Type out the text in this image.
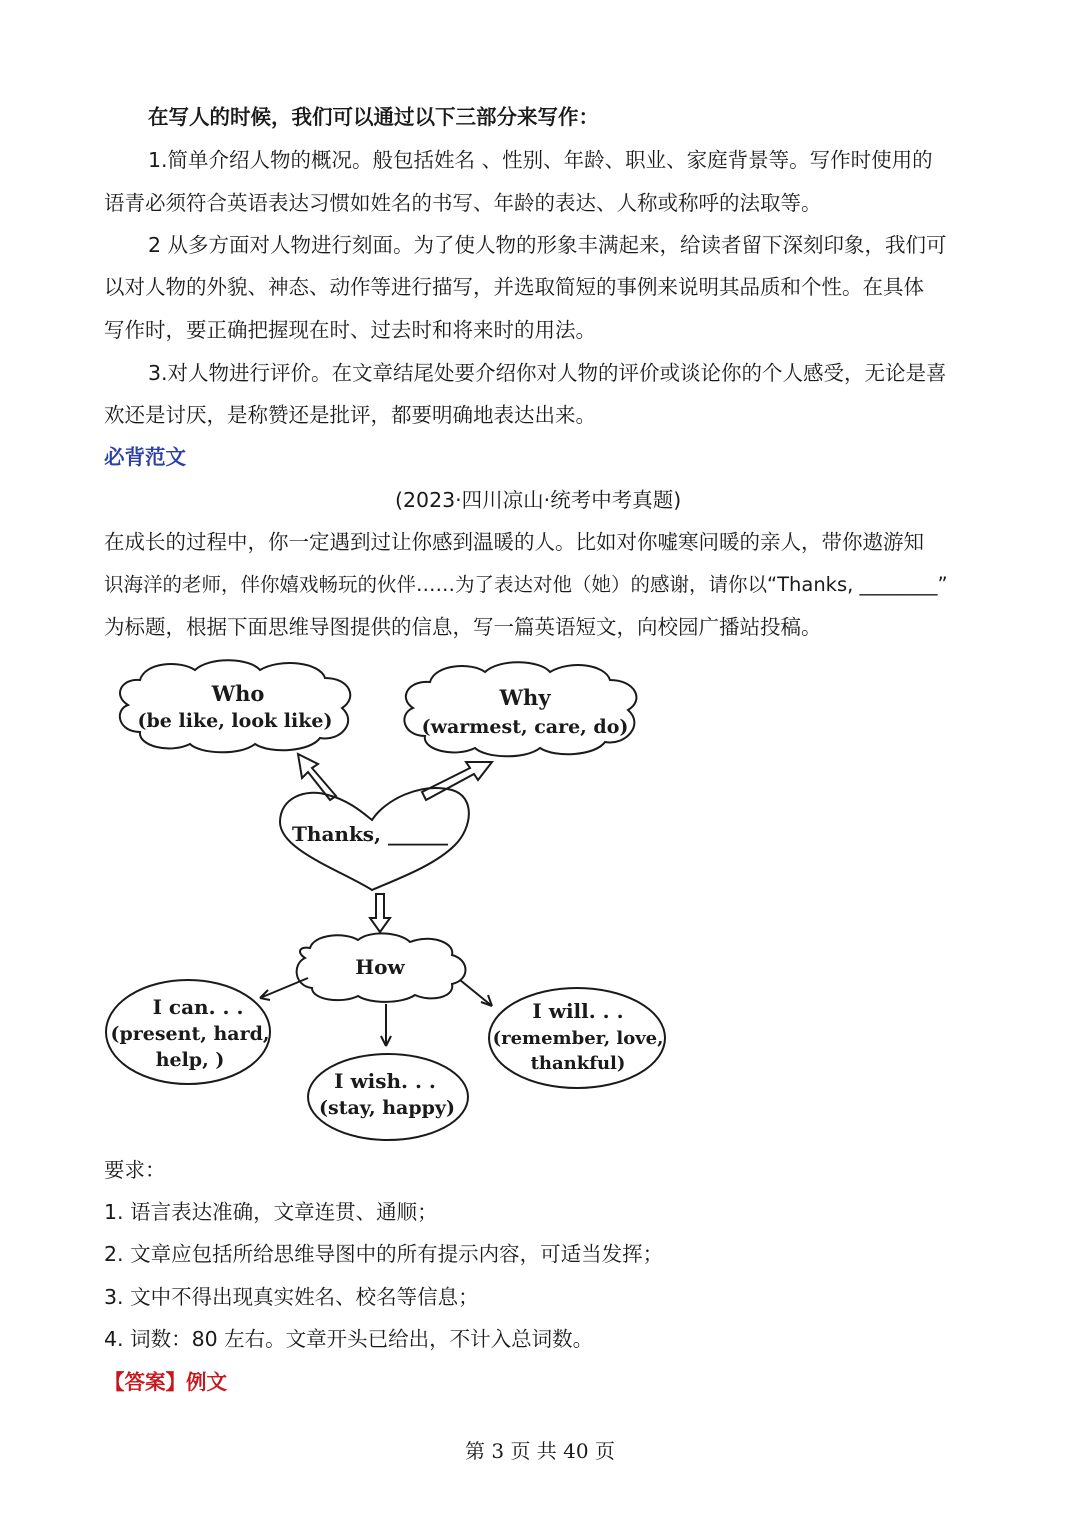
在写人的时候，我们可以通过以下三部分来写作：
1.简单介绍人物的概况。般包括姓名 、性别、年龄、职业、家庭背景等。写作时使用的
语青必须符合英语表达习惯如姓名的书写、年龄的表达、人称或称呼的法取等。
2 从多方面对人物进行刻面。为了使人物的形象丰满起来，给读者留下深刻印象，我们可
以对人物的外貌、神态、动作等进行描写，并选取简短的事例来说明其品质和个性。在具体
写作时，要正确把握现在时、过去时和将来时的用法。
3.对人物进行评价。在文章结尾处要介绍你对人物的评价或谈论你的个人感受，无论是喜
欢还是讨厌，是称赞还是批评，都要明确地表达出来。
必背范文
(2023·四川凉山·统考中考真题)
在成长的过程中，你一定遇到过让你感到温暖的人。比如对你嘘寒问暖的亲人，带你遨游知
识海洋的老师，伴你嬉戏畅玩的伙伴……为了表达对他（她）的感谢，请你以“Thanks, ________”
为标题，根据下面思维导图提供的信息，写一篇英语短文，向校园广播站投稿。
Who
(be like, look like)
Why
(warmest, care, do)
Thanks, ______
How
I can. . .
(present, hard,
help, )
I wish. . .
(stay, happy)
I will. . .
(remember, love,
thankful)
要求：
1. 语言表达准确，文章连贯、通顺；
2. 文章应包括所给思维导图中的所有提示内容，可适当发挥；
3. 文中不得出现真实姓名、校名等信息；
4. 词数：80 左右。文章开头已给出，不计入总词数。
【答案】例文
第 3 页 共 40 页
